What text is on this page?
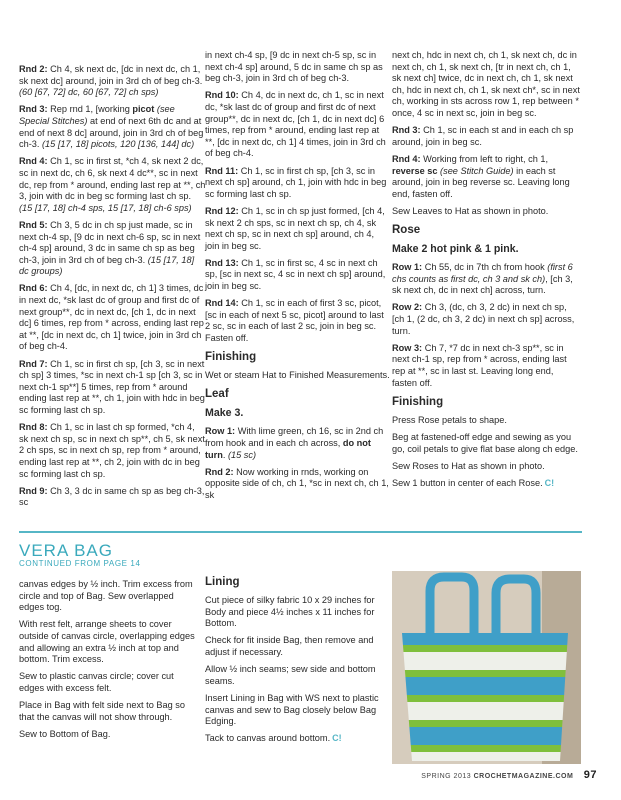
Rnd 2: Ch 4, sk next dc, [dc in next dc, ch 1, sk next dc] around, join in 3rd ch of beg ch-3. (60 [67, 72] dc, 60 [67, 72] ch sps)

Rnd 3: Rep rnd 1, [working picot (see Special Stitches) at end of next 6th dc and at end of next 8 dc] around, join in 3rd ch of beg ch-3. (15 [17, 18] picots, 120 [136, 144] dc)

Rnd 4: Ch 1, sc in first st, *ch 4, sk next 2 dc, sc in next dc, ch 6, sk next 4 dc**, sc in next dc, rep from * around, ending last rep at **, ch 3, join with dc in beg sc forming last ch sp. (15 [17, 18] ch-4 sps, 15 [17, 18] ch-6 sps)

Rnd 5: Ch 3, 5 dc in ch sp just made, sc in next ch-4 sp, [9 dc in next ch-6 sp, sc in next ch-4 sp] around, 3 dc in same ch sp as beg ch-3, join in 3rd ch of beg ch-3. (15 [17, 18] dc groups)

Rnd 6: Ch 4, [dc, in next dc, ch 1] 3 times, dc in next dc, *sk last dc of group and first dc of next group**, dc in next dc, [ch 1, dc in next dc] 6 times, rep from * across, ending last rep at **, [dc in next dc, ch 1] twice, join in 3rd ch of beg ch-4.

Rnd 7: Ch 1, sc in first ch sp, [ch 3, sc in next ch sp] 3 times, *sc in next ch-1 sp [ch 3, sc in next ch-1 sp**] 5 times, rep from * around ending last rep at **, ch 1, join with hdc in beg sc forming last ch sp.

Rnd 8: Ch 1, sc in last ch sp formed, *ch 4, sk next ch sp, sc in next ch sp**, ch 5, sk next 2 ch sps, sc in next ch sp, rep from * around, ending last rep at **, ch 2, join with dc in beg sc forming last ch sp.

Rnd 9: Ch 3, 3 dc in same ch sp as beg ch-3, sc

in next ch-4 sp, [9 dc in next ch-5 sp, sc in next ch-4 sp] around, 5 dc in same ch sp as beg ch-3, join in 3rd ch of beg ch-3.

Rnd 10: Ch 4, dc in next dc, ch 1, sc in next dc, *sk last dc of group and first dc of next group**, dc in next dc, [ch 1, dc in next dc] 6 times, rep from * around, ending last rep at **, [dc in next dc, ch 1] 4 times, join in 3rd ch of beg ch-4.

Rnd 11: Ch 1, sc in first ch sp, [ch 3, sc in next ch sp] around, ch 1, join with hdc in beg sc forming last ch sp.

Rnd 12: Ch 1, sc in ch sp just formed, [ch 4, sk next 2 ch sps, sc in next ch sp, ch 4, sk next ch sp, sc in next ch sp] around, ch 4, join in beg sc.

Rnd 13: Ch 1, sc in first sc, 4 sc in next ch sp, [sc in next sc, 4 sc in next ch sp] around, join in beg sc.

Rnd 14: Ch 1, sc in each of first 3 sc, picot, [sc in each of next 5 sc, picot] around to last 2 sc, sc in each of last 2 sc, join in beg sc. Fasten off.

Finishing

Wet or steam Hat to Finished Measurements.

Leaf
Make 3.

Row 1: With lime green, ch 16, sc in 2nd ch from hook and in each ch across, do not turn. (15 sc)

Rnd 2: Now working in rnds, working on opposite side of ch, ch 1, *sc in next ch, ch 1, sk

next ch, hdc in next ch, ch 1, sk next ch, dc in next ch, ch 1, sk next ch, [tr in next ch, ch 1, sk next ch] twice, dc in next ch, ch 1, sk next ch, hdc in next ch, ch 1, sk next ch*, sc in next ch, working in sts across row 1, rep between * once, 4 sc in next sc, join in beg sc.

Rnd 3: Ch 1, sc in each st and in each ch sp around, join in beg sc.

Rnd 4: Working from left to right, ch 1, reverse sc (see Stitch Guide) in each st around, join in beg reverse sc. Leaving long end, fasten off.

Sew Leaves to Hat as shown in photo.

Rose
Make 2 hot pink & 1 pink.

Row 1: Ch 55, dc in 7th ch from hook (first 6 chs counts as first dc, ch 3 and sk ch), [ch 3, sk next ch, dc in next ch] across, turn.

Row 2: Ch 3, (dc, ch 3, 2 dc) in next ch sp, [ch 1, (2 dc, ch 3, 2 dc) in next ch sp] across, turn.

Row 3: Ch 7, *7 dc in next ch-3 sp**, sc in next ch-1 sp, rep from * across, ending last rep at **, sc in last st. Leaving long end, fasten off.

Finishing

Press Rose petals to shape.

Beg at fastened-off edge and sewing as you go, coil petals to give flat base along ch edge.

Sew Roses to Hat as shown in photo.

Sew 1 button in center of each Rose. C!

VERA BAG
CONTINUED FROM PAGE 14

canvas edges by ½ inch. Trim excess from circle and top of Bag. Sew overlapped edges tog.

With rest felt, arrange sheets to cover outside of canvas circle, overlapping edges and allowing an extra ½ inch at top and bottom. Trim excess.

Sew to plastic canvas circle; cover cut edges with excess felt.

Place in Bag with felt side next to Bag so that the canvas will not show through.

Sew to Bottom of Bag.

Lining

Cut piece of silky fabric 10 x 29 inches for Body and piece 4½ inches x 11 inches for Bottom.

Check for fit inside Bag, then remove and adjust if necessary.

Allow ½ inch seams; sew side and bottom seams.

Insert Lining in Bag with WS next to plastic canvas and sew to Bag closely below Bag Edging.

Tack to canvas around bottom. C!

SPRING 2013 CROCHETMAGAZINE.COM 97
